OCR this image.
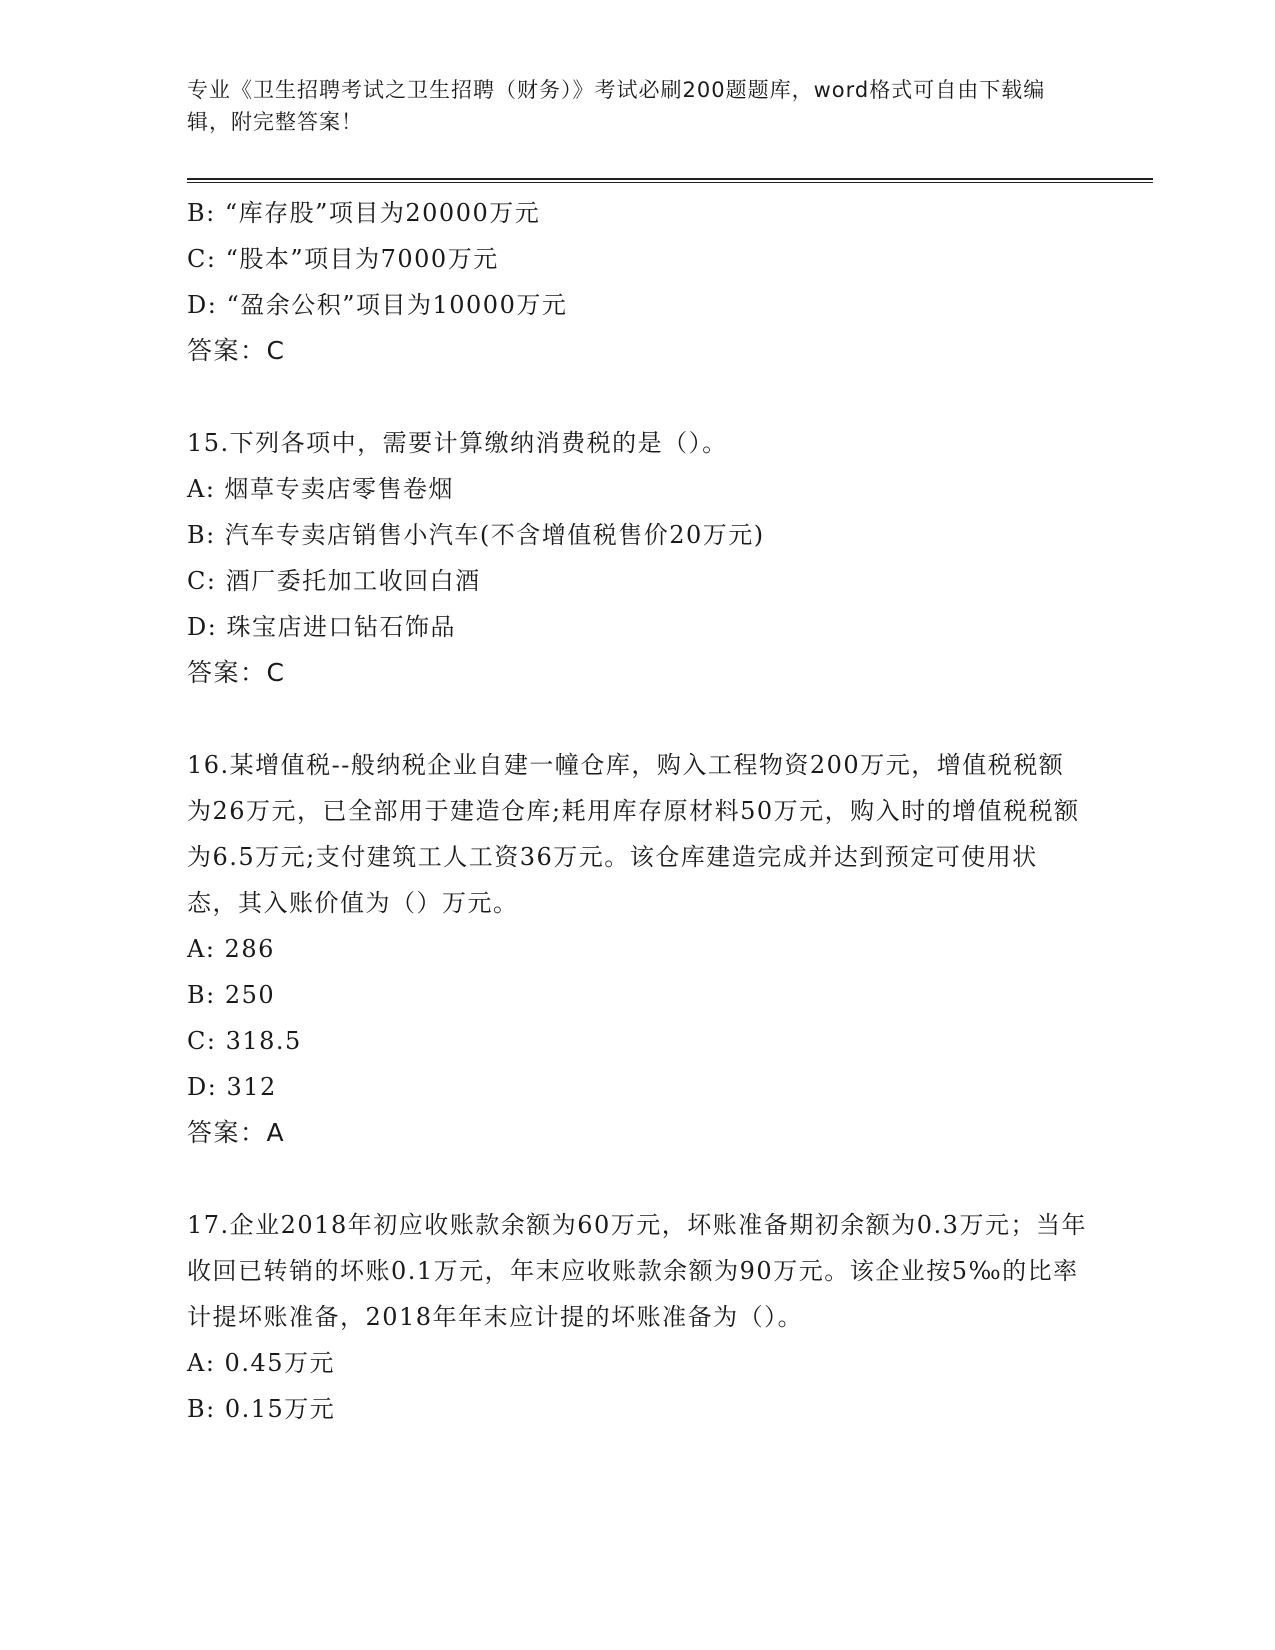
专业《卫生招聘考试之卫生招聘（财务）》考试必刷200题题库，word格式可自由下载编辑，附完整答案！
B: “库存股”项目为20000万元
C: “股本”项目为7000万元
D: “盈余公积”项目为10000万元
答案：C
15.下列各项中，需要计算缴纳消费税的是（）。
A: 烟草专卖店零售卷烟
B: 汽车专卖店销售小汽车(不含增值税售价20万元)
C: 酒厂委托加工收回白酒
D: 珠宝店进口钻石饰品
答案：C
16.某增值税--般纳税企业自建一幢仓库，购入工程物资200万元，增值税税额为26万元，已全部用于建造仓库;耗用库存原材料50万元，购入时的增值税税额为6.5万元;支付建筑工人工资36万元。该仓库建造完成并达到预定可使用状态，其入账价值为（）万元。
A: 286
B: 250
C: 318.5
D: 312
答案：A
17.企业2018年初应收账款余额为60万元，坏账准备期初余额为0.3万元；当年收回已转销的坏账0.1万元，年末应收账款余额为90万元。该企业按5‰的比率计提坏账准备，2018年年末应计提的坏账准备为（）。
A: 0.45万元
B: 0.15万元
